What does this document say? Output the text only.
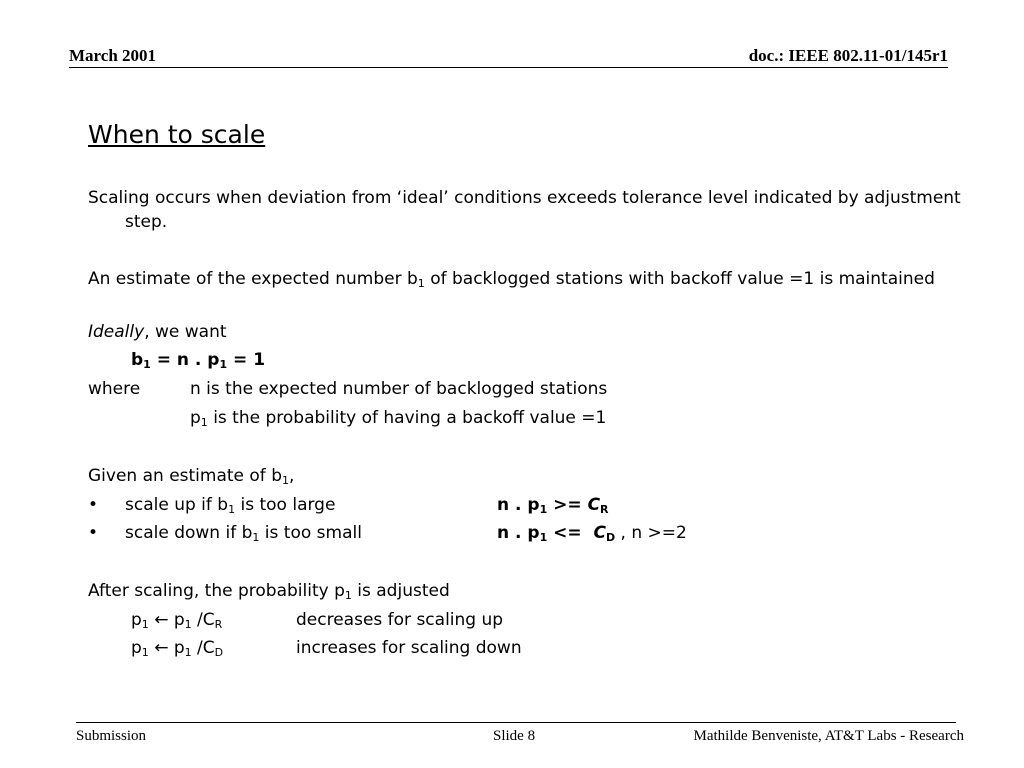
March 2001	doc.: IEEE 802.11-01/145r1
When to scale
Scaling occurs when deviation from ‘ideal’ conditions exceeds tolerance level indicated by adjustment step.
An estimate of the expected number $b_1$ of backlogged stations with backoff value =1 is maintained
Ideally, we want
$b_1 = n$ . $p_1 = 1$
where	n is the expected number of backlogged stations
$p_1$ is the probability of having a backoff value =1
Given an estimate of $b_1$,
• scale up if $b_1$ is too large	n . $p_1 >= C_R$
• scale down if $b_1$ is too small	n . $p_1 <= C_D$ , n >=2
After scaling, the probability $p_1$ is adjusted
$p_1$ ← $p_1$ $/C_R$	decreases for scaling up
$p_1$ ← $p_1$ $/C_D$	increases for scaling down
Submission	Slide 8	Mathilde Benveniste, AT&T Labs - Research
